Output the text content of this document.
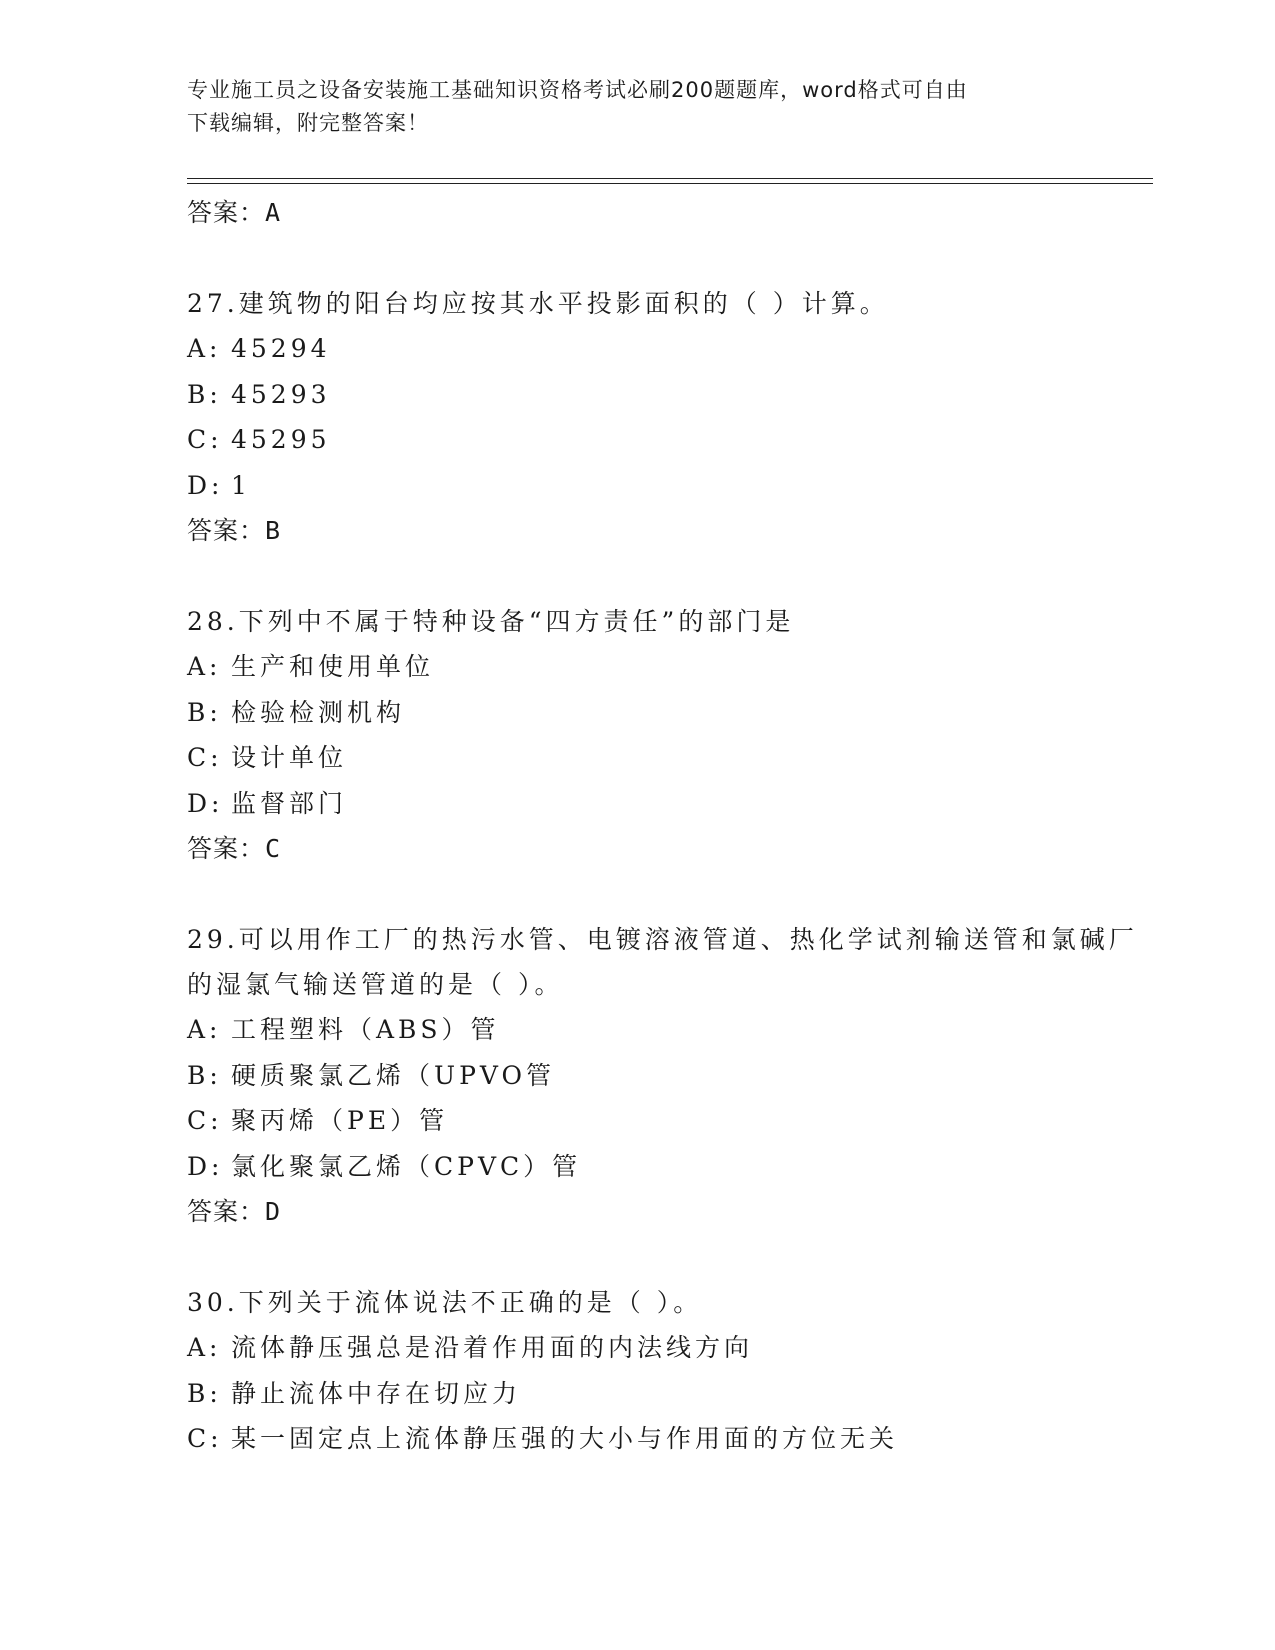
专业施工员之设备安装施工基础知识资格考试必刷200题题库，word格式可自由
下载编辑，附完整答案！
答案：A
27.建筑物的阳台均应按其水平投影面积的（ ）计算。
A: 45294
B: 45293
C: 45295
D: 1
答案：B
28.下列中不属于特种设备“四方责任”的部门是
A: 生产和使用单位
B: 检验检测机构
C: 设计单位
D: 监督部门
答案：C
29.可以用作工厂的热污水管、电镀溶液管道、热化学试剂输送管和氯碱厂的湿氯气输送管道的是（ ）。
A: 工程塑料（ABS）管
B: 硬质聚氯乙烯（UPVO管
C: 聚丙烯（PE）管
D: 氯化聚氯乙烯（CPVC）管
答案：D
30.下列关于流体说法不正确的是（ ）。
A: 流体静压强总是沿着作用面的内法线方向
B: 静止流体中存在切应力
C: 某一固定点上流体静压强的大小与作用面的方位无关
